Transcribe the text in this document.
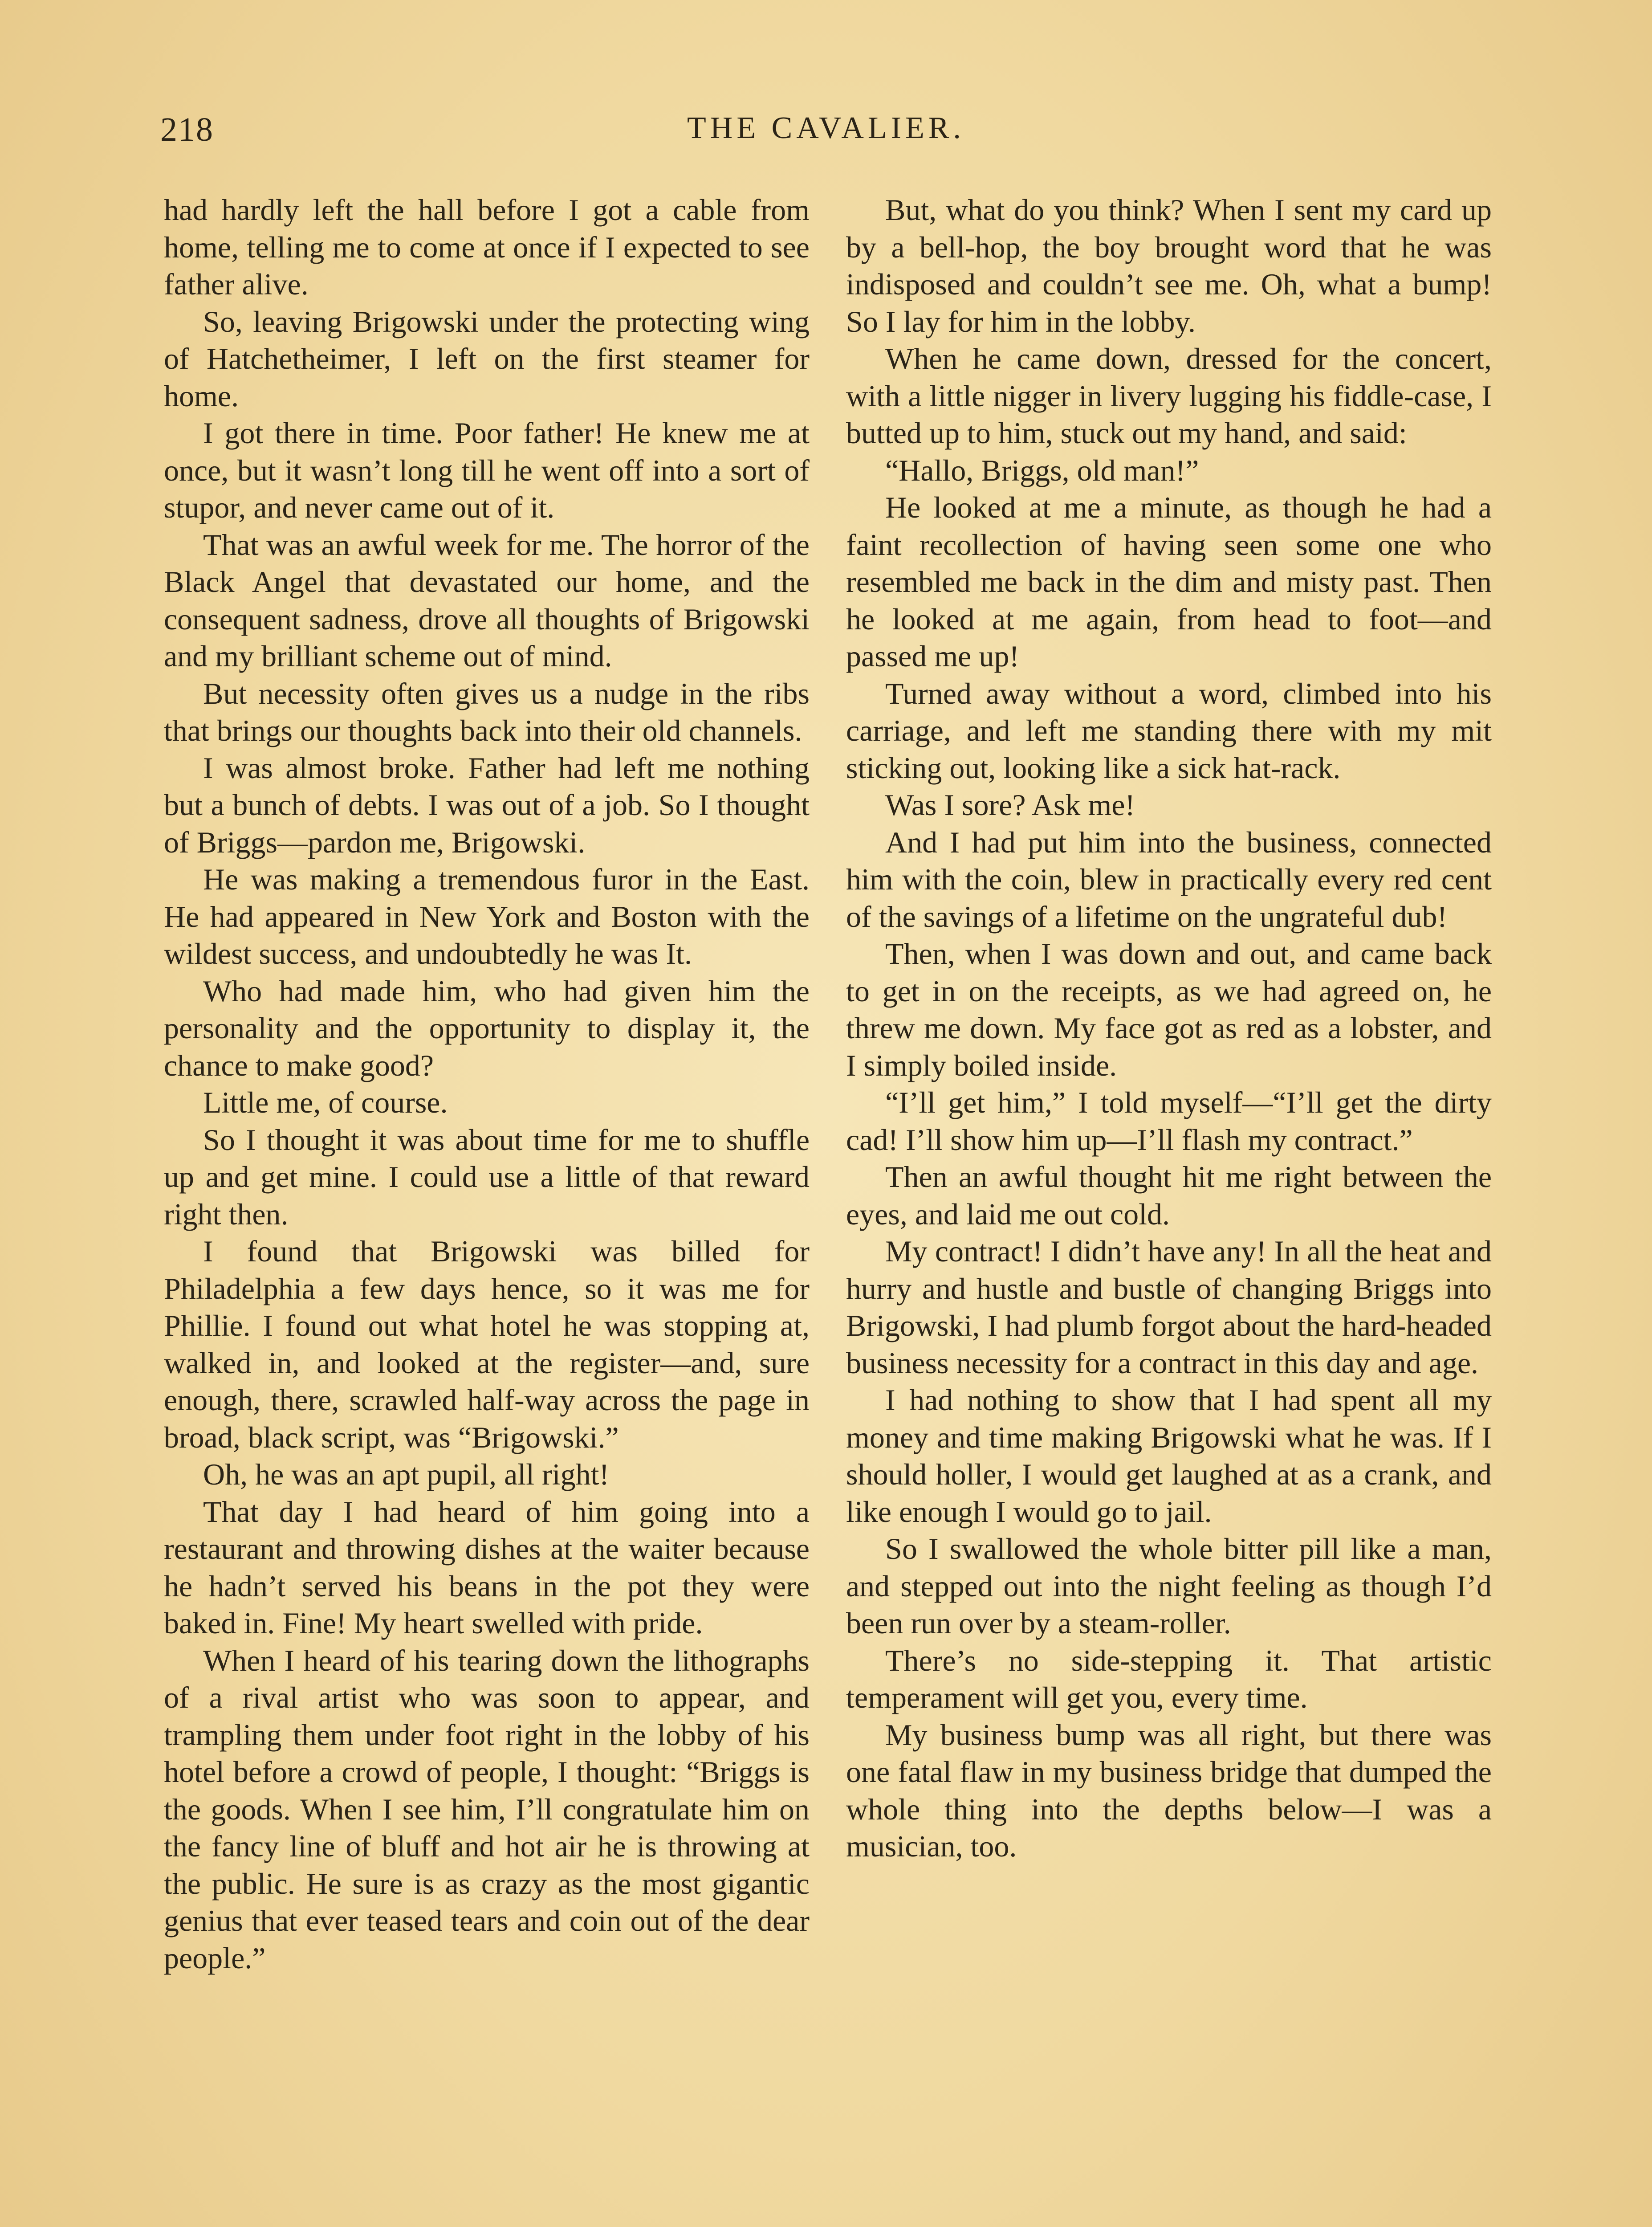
218	THE CAVALIER.

had hardly left the hall before I got a cable from home, telling me to come at once if I expected to see father alive.

So, leaving Brigowski under the protecting wing of Hatchetheimer, I left on the first steamer for home.

I got there in time. Poor father! He knew me at once, but it wasn’t long till he went off into a sort of stupor, and never came out of it.

That was an awful week for me. The horror of the Black Angel that devastated our home, and the consequent sadness, drove all thoughts of Brigowski and my brilliant scheme out of mind.

But necessity often gives us a nudge in the ribs that brings our thoughts back into their old channels.

I was almost broke. Father had left me nothing but a bunch of debts. I was out of a job. So I thought of Briggs—pardon me, Brigowski.

He was making a tremendous furor in the East. He had appeared in New York and Boston with the wildest success, and undoubtedly he was It.

Who had made him, who had given him the personality and the opportunity to display it, the chance to make good?

Little me, of course.

So I thought it was about time for me to shuffle up and get mine. I could use a little of that reward right then.

I found that Brigowski was billed for Philadelphia a few days hence, so it was me for Phillie. I found out what hotel he was stopping at, walked in, and looked at the register—and, sure enough, there, scrawled half-way across the page in broad, black script, was “Brigowski.”

Oh, he was an apt pupil, all right!

That day I had heard of him going into a restaurant and throwing dishes at the waiter because he hadn’t served his beans in the pot they were baked in. Fine! My heart swelled with pride.

When I heard of his tearing down the lithographs of a rival artist who was soon to appear, and trampling them under foot right in the lobby of his hotel before a crowd of people, I thought: “Briggs is the goods. When I see him, I’ll congratulate him on the fancy line of bluff and hot air he is throwing at the public. He sure is as crazy as the most gigantic genius that ever teased tears and coin out of the dear people.”

But, what do you think? When I sent my card up by a bell-hop, the boy brought word that he was indisposed and couldn’t see me. Oh, what a bump! So I lay for him in the lobby.

When he came down, dressed for the concert, with a little nigger in livery lugging his fiddle-case, I butted up to him, stuck out my hand, and said:

“Hallo, Briggs, old man!”

He looked at me a minute, as though he had a faint recollection of having seen some one who resembled me back in the dim and misty past. Then he looked at me again, from head to foot—and passed me up!

Turned away without a word, climbed into his carriage, and left me standing there with my mit sticking out, looking like a sick hat-rack.

Was I sore? Ask me!

And I had put him into the business, connected him with the coin, blew in practically every red cent of the savings of a lifetime on the ungrateful dub!

Then, when I was down and out, and came back to get in on the receipts, as we had agreed on, he threw me down. My face got as red as a lobster, and I simply boiled inside.

“I’ll get him,” I told myself—“I’ll get the dirty cad! I’ll show him up—I’ll flash my contract.”

Then an awful thought hit me right between the eyes, and laid me out cold.

My contract! I didn’t have any! In all the heat and hurry and hustle and bustle of changing Briggs into Brigowski, I had plumb forgot about the hard-headed business necessity for a contract in this day and age.

I had nothing to show that I had spent all my money and time making Brigowski what he was. If I should holler, I would get laughed at as a crank, and like enough I would go to jail.

So I swallowed the whole bitter pill like a man, and stepped out into the night feeling as though I’d been run over by a steam-roller.

There’s no side-stepping it. That artistic temperament will get you, every time.

My business bump was all right, but there was one fatal flaw in my business bridge that dumped the whole thing into the depths below—I was a musician, too.
